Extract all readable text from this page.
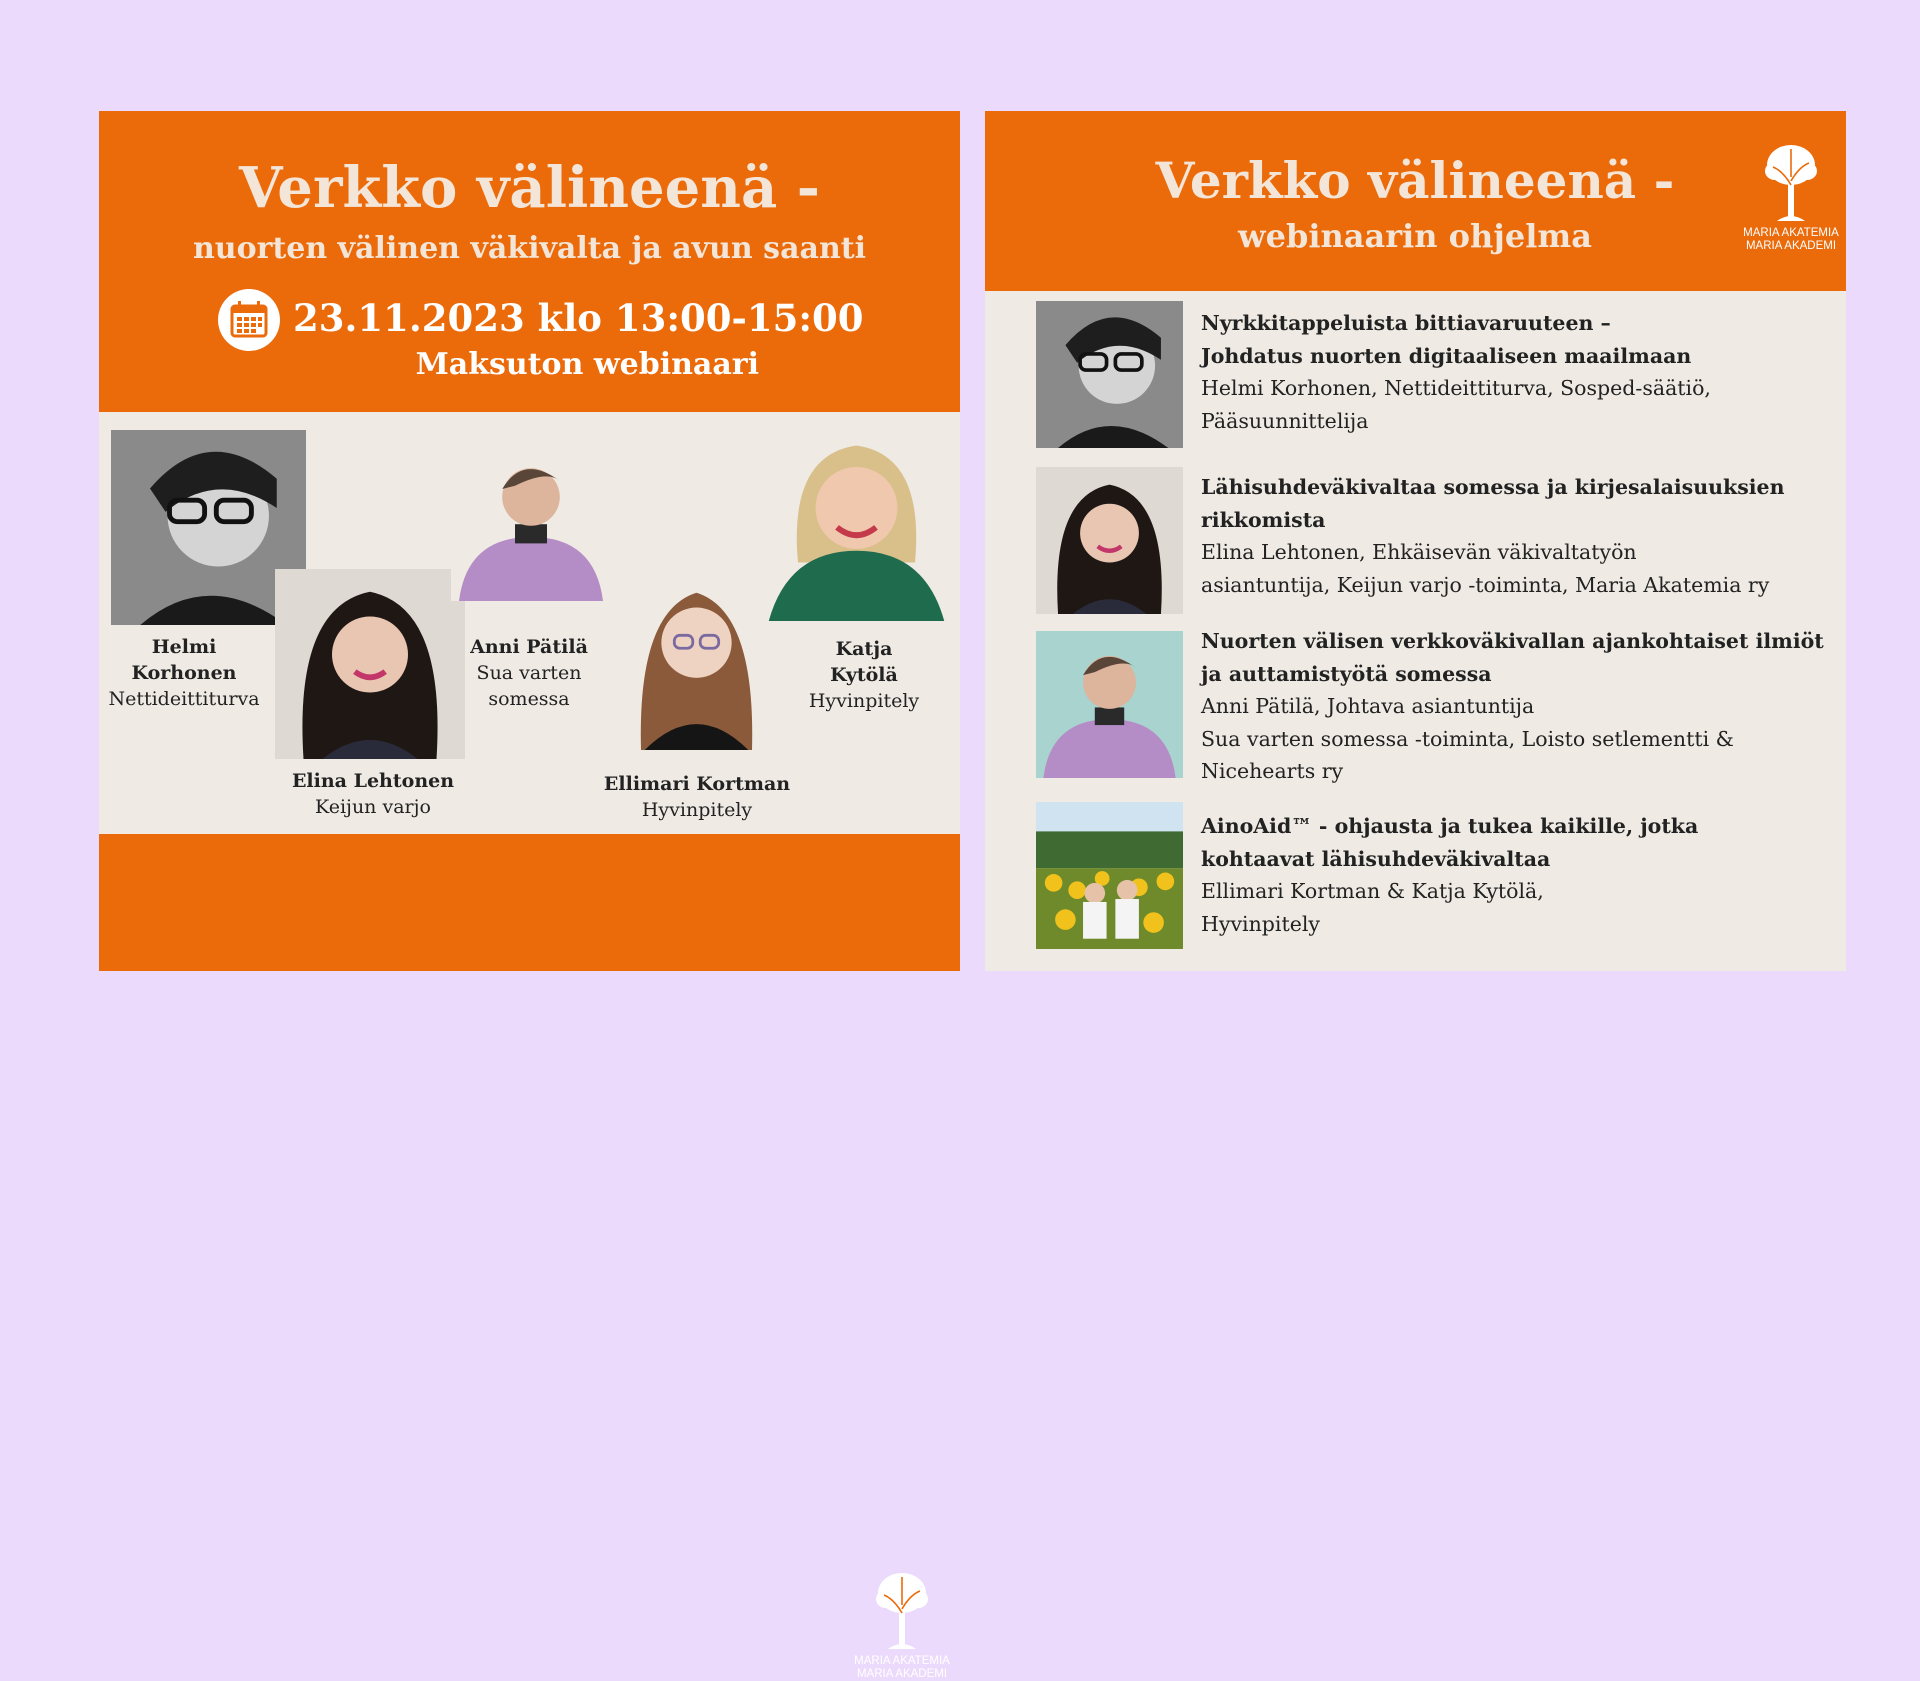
Verkko välineenä -
nuorten välinen väkivalta ja avun saanti
23.11.2023 klo 13:00-15:00
Maksuton webinaari
Helmi
Korhonen
Nettideittiturva
Elina Lehtonen
Keijun varjo
Anni Pätilä
Sua varten
somessa
Ellimari Kortman
Hyvinpitely
Katja
Kytölä
Hyvinpitely
MARIA AKATEMIA
MARIA AKADEMI
Verkko välineenä -
webinaarin ohjelma	MARIA AKATEMIA
MARIA AKADEMI
Nyrkkitappeluista bittiavaruuteen –
Johdatus nuorten digitaaliseen maailmaan
Helmi Korhonen, Nettideittiturva, Sosped-säätiö,
Pääsuunnittelija
Lähisuhdeväkivaltaa somessa ja kirjesalaisuuksien
rikkomista
Elina Lehtonen, Ehkäisevän väkivaltatyön
asiantuntija, Keijun varjo -toiminta, Maria Akatemia ry
Nuorten välisen verkkoväkivallan ajankohtaiset ilmiöt
ja auttamistyötä somessa
Anni Pätilä, Johtava asiantuntija
Sua varten somessa -toiminta, Loisto setlementti &
Nicehearts ry
AinoAid™ - ohjausta ja tukea kaikille, jotka
kohtaavat lähisuhdeväkivaltaa
Ellimari Kortman & Katja Kytölä,
Hyvinpitely
